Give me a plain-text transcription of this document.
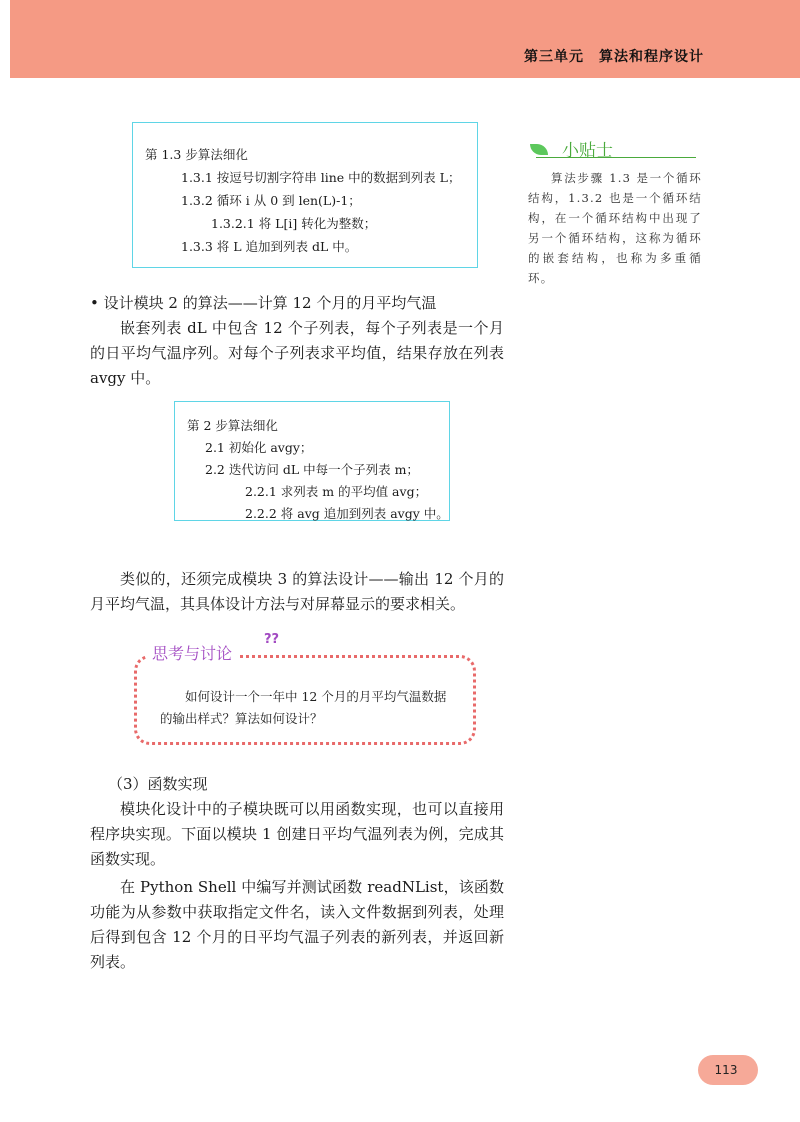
第三单元　算法和程序设计
第 1.3 步算法细化
1.3.1 按逗号切割字符串 line 中的数据到列表 L；
1.3.2 循环 i 从 0 到 len(L)-1；
1.3.2.1 将 L[i] 转化为整数；
1.3.3 将 L 追加到列表 dL 中。
小贴士
算法步骤 1.3 是一个循环结构，1.3.2 也是一个循环结构，在一个循环结构中出现了另一个循环结构，这称为循环的嵌套结构，也称为多重循环。
• 设计模块 2 的算法——计算 12 个月的月平均气温
嵌套列表 dL 中包含 12 个子列表，每个子列表是一个月的日平均气温序列。对每个子列表求平均值，结果存放在列表 avgy 中。
第 2 步算法细化
2.1 初始化 avgy；
2.2 迭代访问 dL 中每一个子列表 m；
2.2.1 求列表 m 的平均值 avg；
2.2.2 将 avg 追加到列表 avgy 中。
类似的，还须完成模块 3 的算法设计——输出 12 个月的月平均气温，其具体设计方法与对屏幕显示的要求相关。
思考与讨论
??
如何设计一个一年中 12 个月的月平均气温数据的输出样式？算法如何设计？
（3）函数实现
模块化设计中的子模块既可以用函数实现，也可以直接用程序块实现。下面以模块 1 创建日平均气温列表为例，完成其函数实现。
在 Python Shell 中编写并测试函数 readNList，该函数功能为从参数中获取指定文件名，读入文件数据到列表，处理后得到包含 12 个月的日平均气温子列表的新列表，并返回新列表。
113
